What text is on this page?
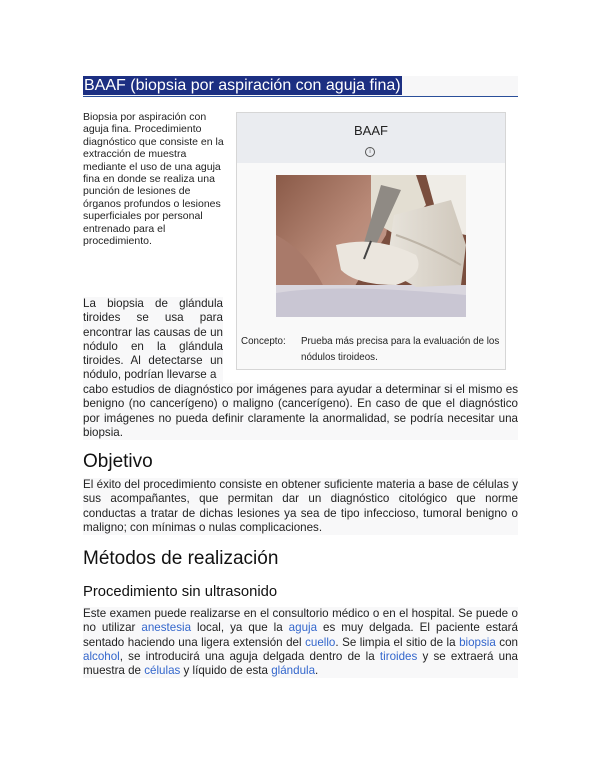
BAAF (biopsia por aspiración con aguja fina)

Biopsia por aspiración con aguja fina. Procedimiento diagnóstico que consiste en la extracción de muestra mediante el uso de una aguja fina en donde se realiza una punción de lesiones de órganos profundos o lesiones superficiales por personal entrenado para el procedimiento.

BAAF
i
Concepto: Prueba más precisa para la evaluación de los nódulos tiroideos.

La biopsia de glándula tiroides se usa para encontrar las causas de un nódulo en la glándula tiroides. Al detectarse un nódulo, podrían llevarse a

cabo estudios de diagnóstico por imágenes para ayudar a determinar si el mismo es benigno (no cancerígeno) o maligno (cancerígeno). En caso de que el diagnóstico por imágenes no pueda definir claramente la anormalidad, se podría necesitar una biopsia.

Objetivo

El éxito del procedimiento consiste en obtener suficiente materia a base de células y sus acompañantes, que permitan dar un diagnóstico citológico que norme conductas a tratar de dichas lesiones ya sea de tipo infeccioso, tumoral benigno o maligno; con mínimas o nulas complicaciones.

Métodos de realización
Procedimiento sin ultrasonido

Este examen puede realizarse en el consultorio médico o en el hospital. Se puede o no utilizar anestesia local, ya que la aguja es muy delgada. El paciente estará sentado haciendo una ligera extensión del cuello. Se limpia el sitio de la biopsia con alcohol, se introducirá una aguja delgada dentro de la tiroides y se extraerá una muestra de células y líquido de esta glándula.
